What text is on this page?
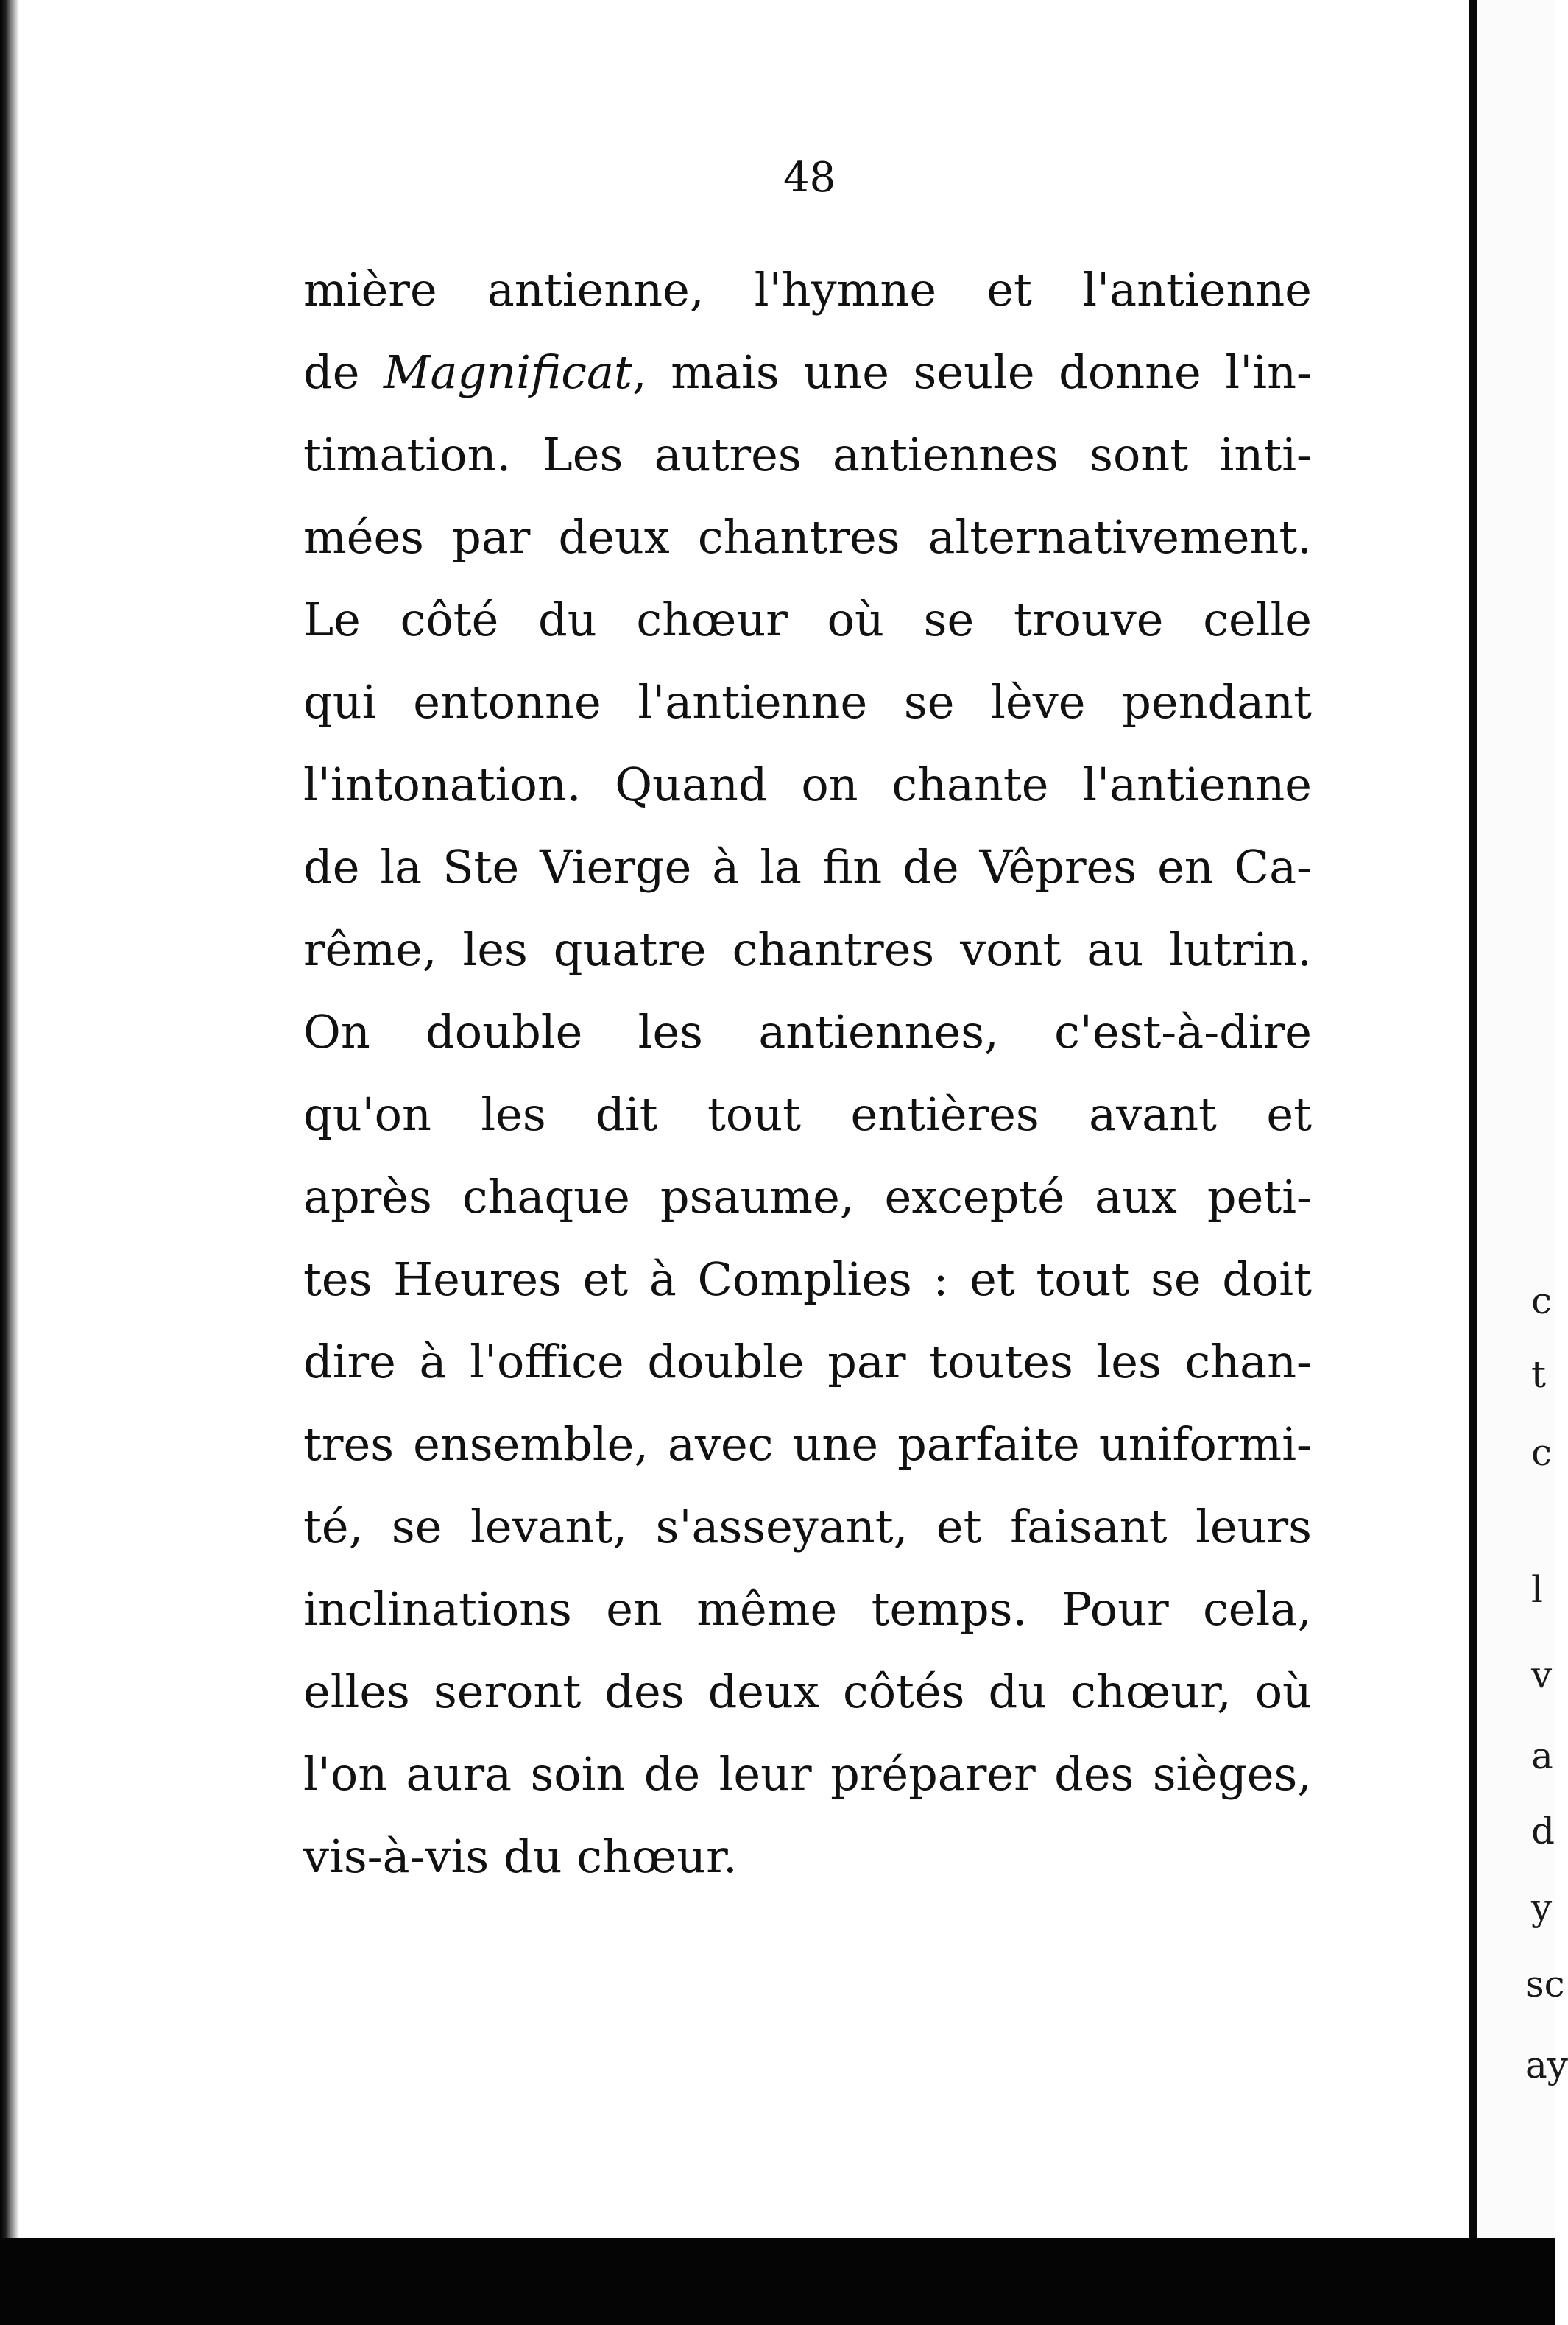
c
t
c
l
v
a
d
y
sc
ay
48
mière antienne, l'hymne et l'antienne
de Magnificat, mais une seule donne l'in-
timation. Les autres antiennes sont inti-
mées par deux chantres alternativement.
Le côté du chœur où se trouve celle
qui entonne l'antienne se lève pendant
l'intonation. Quand on chante l'antienne
de la Ste Vierge à la fin de Vêpres en Ca-
rême, les quatre chantres vont au lutrin.
On double les antiennes, c'est-à-dire
qu'on les dit tout entières avant et
après chaque psaume, excepté aux peti-
tes Heures et à Complies : et tout se doit
dire à l'office double par toutes les chan-
tres ensemble, avec une parfaite uniformi-
té, se levant, s'asseyant, et faisant leurs
inclinations en même temps. Pour cela,
elles seront des deux côtés du chœur, où
l'on aura soin de leur préparer des sièges,
vis-à-vis du chœur.
